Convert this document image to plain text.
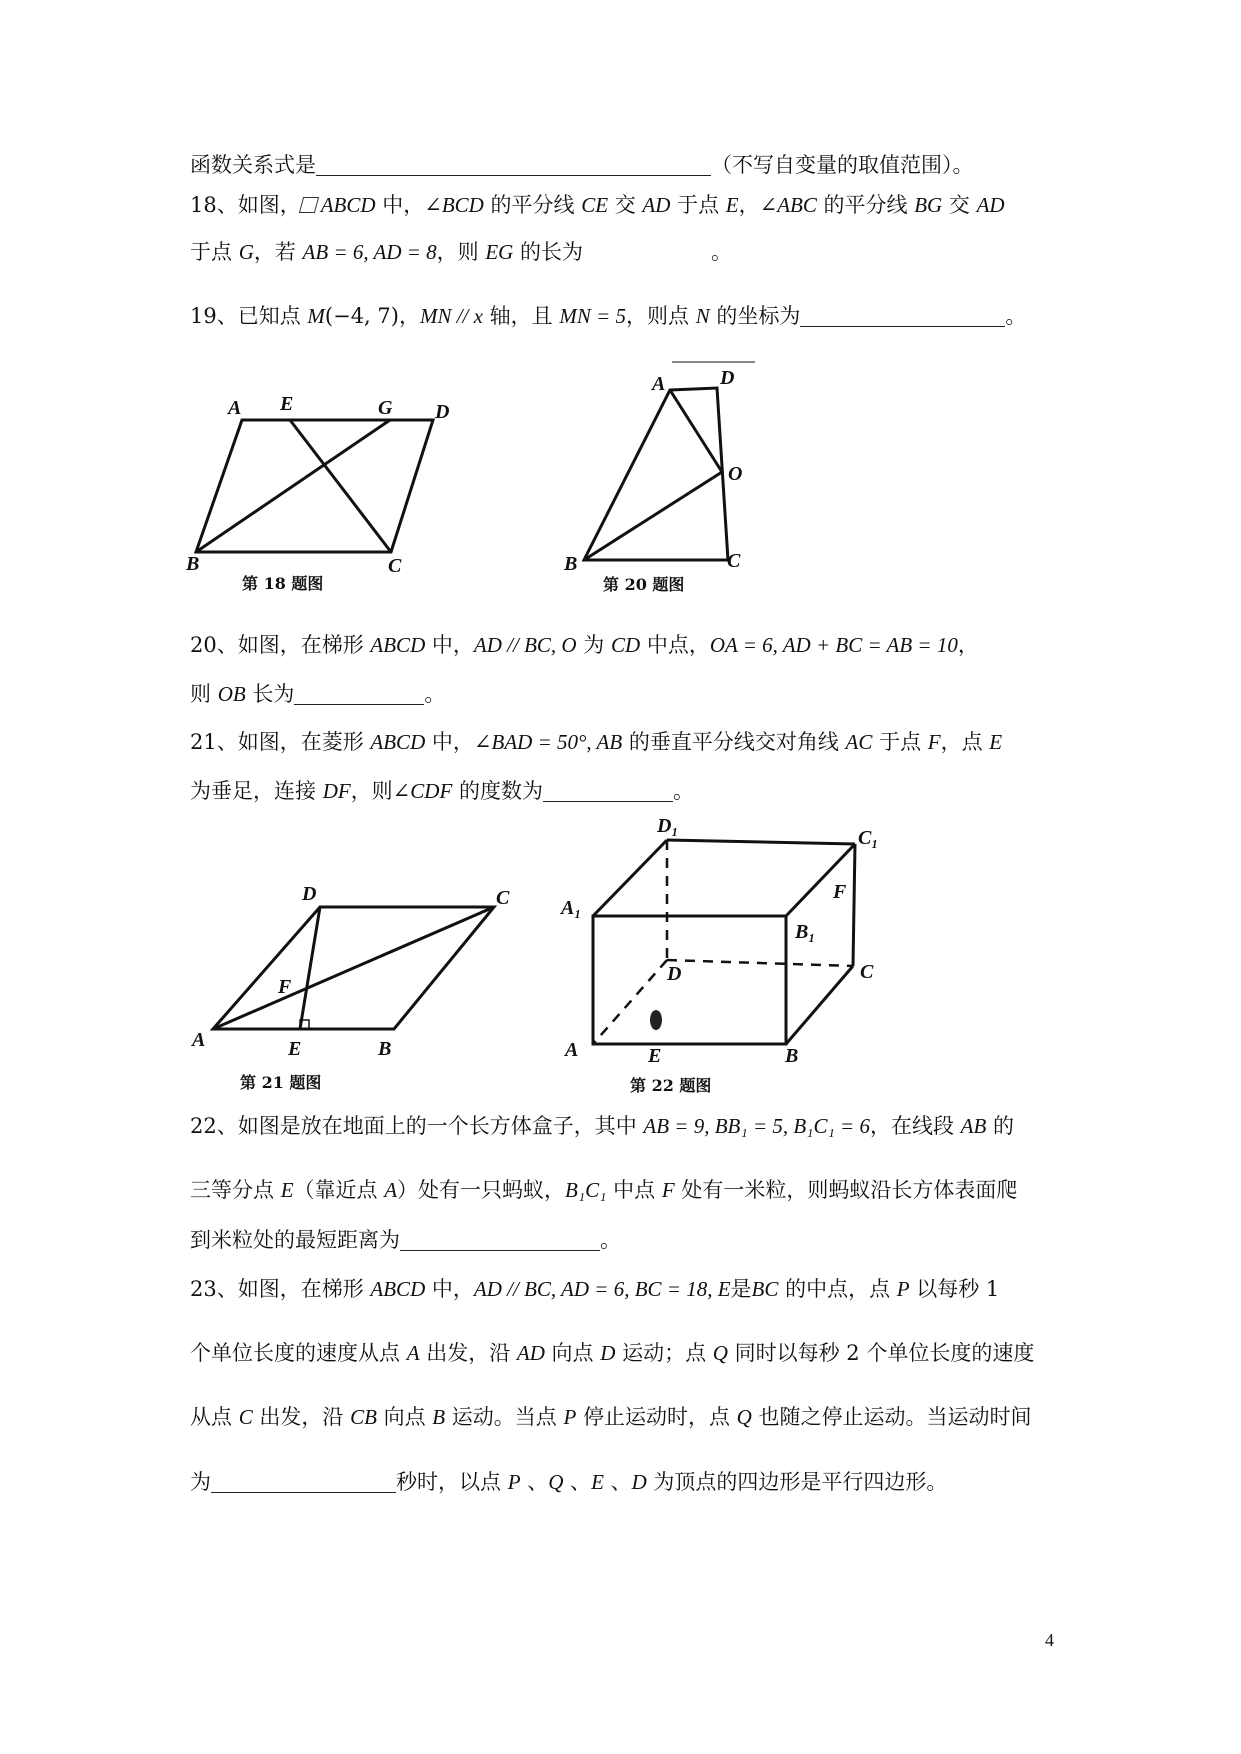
函数关系式是	（不写自变量的取值范围）。
18、如图， ABCD 中，∠BCD 的平分线 CE 交 AD 于点 E，∠ABC 的平分线 BG 交 AD
于点 G，若 AB = 6, AD = 8，则 EG 的长为	。
19、已知点 M(−4, 7)，MN // x 轴，且 MN = 5，则点 N 的坐标为	。
A E	G D
B	C
第 18 题图
A	D
O
B	C
第 20 题图
20、如图，在梯形 ABCD 中，AD // BC, O 为 CD 中点，OA = 6, AD + BC = AB = 10，
则 OB 长为	。
21、如图，在菱形 ABCD 中，∠BAD = 50°, AB 的垂直平分线交对角线 AC 于点 F，点 E
为垂足，连接 DF，则∠CDF 的度数为	。
D	C
F
A	E	B
第 21 题图
D₁
C₁
A₁
B₁
F
D	C
A	E	B
第 22 题图
22、如图是放在地面上的一个长方体盒子，其中 AB = 9, BB₁ = 5, B₁C₁ = 6，在线段 AB 的
三等分点 E（靠近点 A）处有一只蚂蚁，B₁C₁ 中点 F 处有一米粒，则蚂蚁沿长方体表面爬
到米粒处的最短距离为	。
23、如图，在梯形 ABCD 中，AD // BC, AD = 6, BC = 18, E是BC 的中点，点 P 以每秒 1
个单位长度的速度从点 A 出发，沿 AD 向点 D 运动；点 Q 同时以每秒 2 个单位长度的速度
从点 C 出发，沿 CB 向点 B 运动。当点 P 停止运动时，点 Q 也随之停止运动。当运动时间
为	秒时，以点 P 、Q 、E 、D 为顶点的四边形是平行四边形。
4
